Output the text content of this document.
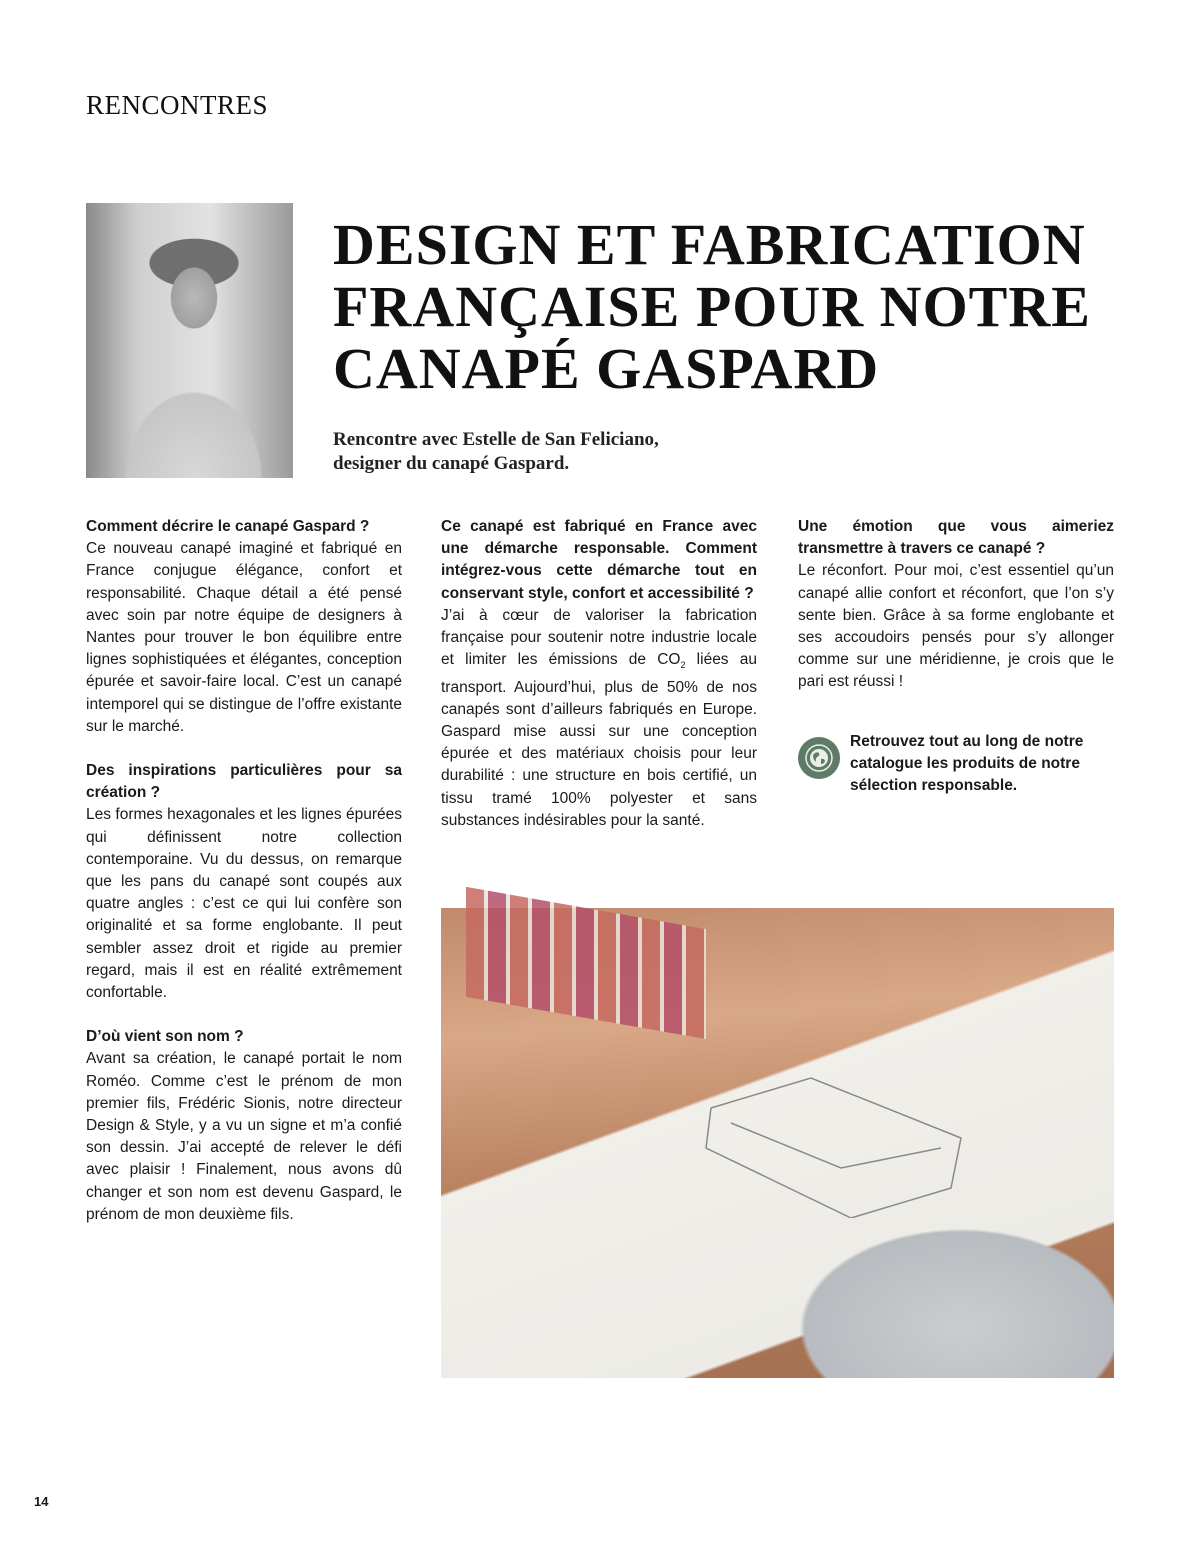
RENCONTRES
DESIGN ET FABRICATION
FRANÇAISE POUR NOTRE
CANAPÉ GASPARD
Rencontre avec Estelle de San Feliciano,
designer du canapé Gaspard.

Comment décrire le canapé Gaspard ?
Ce nouveau canapé imaginé et fabriqué en France conjugue élégance, confort et responsabilité. Chaque détail a été pensé avec soin par notre équipe de designers à Nantes pour trouver le bon équilibre entre lignes sophistiquées et élégantes, conception épurée et savoir-faire local. C’est un canapé intemporel qui se distingue de l’offre existante sur le marché.

Des inspirations particulières pour sa création ?
Les formes hexagonales et les lignes épurées qui définissent notre collection contemporaine. Vu du dessus, on remarque que les pans du canapé sont coupés aux quatre angles : c’est ce qui lui confère son originalité et sa forme englobante. Il peut sembler assez droit et rigide au premier regard, mais il est en réalité extrêmement confortable.

D’où vient son nom ?
Avant sa création, le canapé portait le nom Roméo. Comme c’est le prénom de mon premier fils, Frédéric Sionis, notre directeur Design & Style, y a vu un signe et m’a confié son dessin. J’ai accepté de relever le défi avec plaisir ! Finalement, nous avons dû changer et son nom est devenu Gaspard, le prénom de mon deuxième fils.

Ce canapé est fabriqué en France avec une démarche responsable. Comment intégrez-vous cette démarche tout en conservant style, confort et accessibilité ?
J’ai à cœur de valoriser la fabrication française pour soutenir notre industrie locale et limiter les émissions de $CO_2$ liées au transport. Aujourd’hui, plus de 50% de nos canapés sont d’ailleurs fabriqués en Europe. Gaspard mise aussi sur une conception épurée et des matériaux choisis pour leur durabilité : une structure en bois certifié, un tissu tramé 100% polyester et sans substances indésirables pour la santé.

Une émotion que vous aimeriez transmettre à travers ce canapé ?
Le réconfort. Pour moi, c’est essentiel qu’un canapé allie confort et réconfort, que l’on s’y sente bien. Grâce à sa forme englobante et ses accoudoirs pensés pour s’y allonger comme sur une méridienne, je crois que le pari est réussi !

Retrouvez tout au long de notre catalogue les produits de notre sélection responsable.
14
